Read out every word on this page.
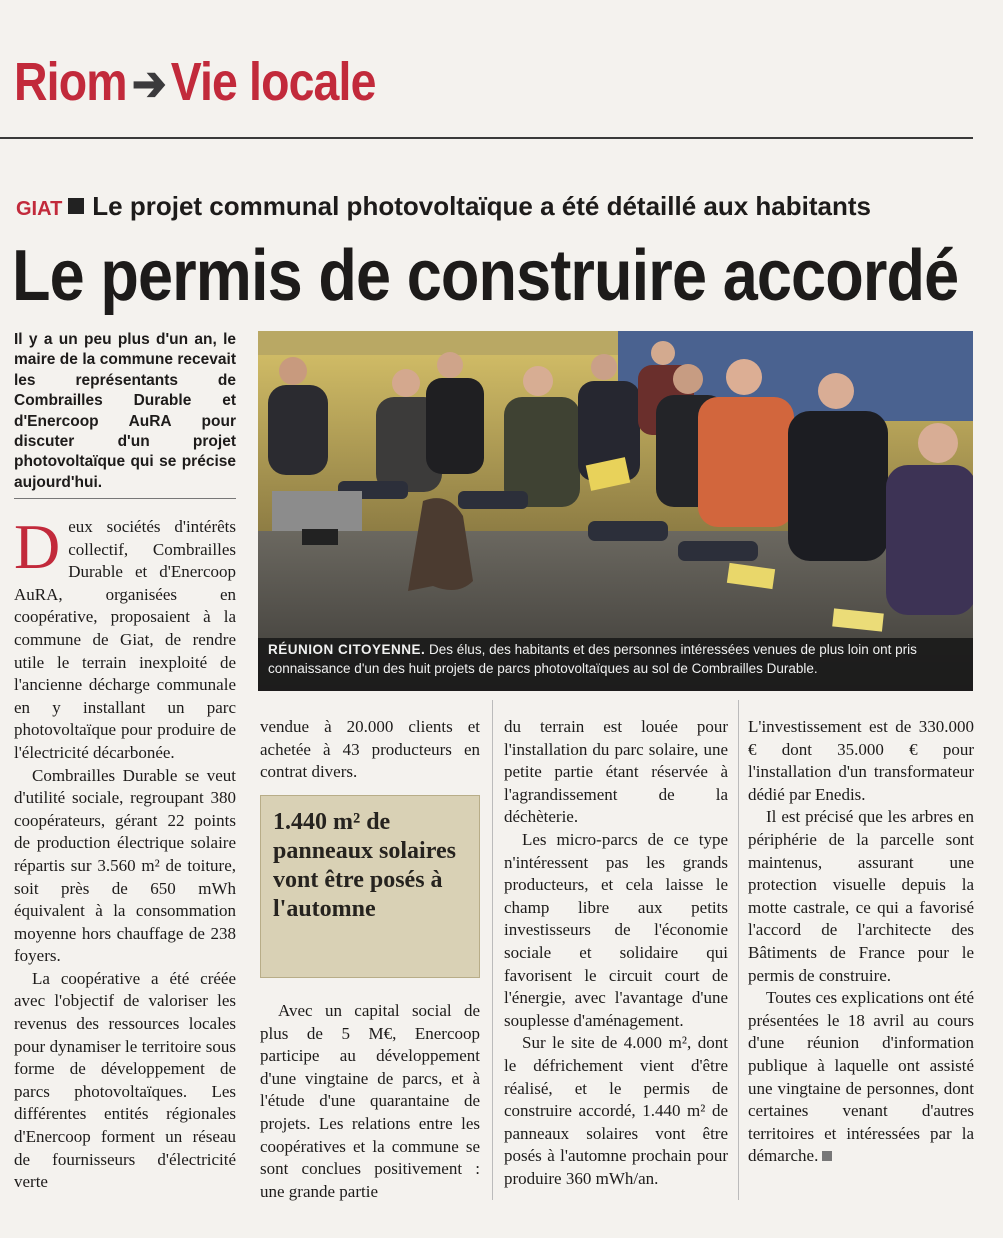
Riom ➔Vie locale
GIAT Le projet communal photovoltaïque a été détaillé aux habitants
Le permis de construire accordé
Il y a un peu plus d'un an, le maire de la commune recevait les représentants de Combrailles Durable et d'Enercoop AuRA pour discuter d'un projet photovoltaïque qui se précise aujourd'hui.

Deux sociétés d'intérêts collectif, Combrailles Durable et d'Enercoop AuRA, organisées en coopérative, proposaient à la commune de Giat, de rendre utile le terrain inexploité de l'ancienne décharge communale en y installant un parc photovoltaïque pour produire de l'électricité décarbonée.

Combrailles Durable se veut d'utilité sociale, regroupant 380 coopérateurs, gérant 22 points de production électrique solaire répartis sur 3.560 m² de toiture, soit près de 650 mWh équivalent à la consommation moyenne hors chauffage de 238 foyers.

La coopérative a été créée avec l'objectif de valoriser les revenus des ressources locales pour dynamiser le territoire sous forme de développement de parcs photovoltaïques. Les différentes entités régionales d'Enercoop forment un réseau de fournisseurs d'électricité verte

RÉUNION CITOYENNE. Des élus, des habitants et des personnes intéressées venues de plus loin ont pris connaissance d'un des huit projets de parcs photovoltaïques au sol de Combrailles Durable.

vendue à 20.000 clients et achetée à 43 producteurs en contrat divers.

1.440 m² de panneaux solaires vont être posés à l'automne

Avec un capital social de plus de 5 M€, Enercoop participe au développement d'une vingtaine de parcs, et à l'étude d'une quarantaine de projets. Les relations entre les coopératives et la commune se sont conclues positivement : une grande partie

du terrain est louée pour l'installation du parc solaire, une petite partie étant réservée à l'agrandissement de la déchèterie.

Les micro-parcs de ce type n'intéressent pas les grands producteurs, et cela laisse le champ libre aux petits investisseurs de l'économie sociale et solidaire qui favorisent le circuit court de l'énergie, avec l'avantage d'une souplesse d'aménagement.

Sur le site de 4.000 m², dont le défrichement vient d'être réalisé, et le permis de construire accordé, 1.440 m² de panneaux solaires vont être posés à l'automne prochain pour produire 360 mWh/an.

L'investissement est de 330.000 € dont 35.000 € pour l'installation d'un transformateur dédié par Enedis.

Il est précisé que les arbres en périphérie de la parcelle sont maintenus, assurant une protection visuelle depuis la motte castrale, ce qui a favorisé l'accord de l'architecte des Bâtiments de France pour le permis de construire.

Toutes ces explications ont été présentées le 18 avril au cours d'une réunion d'information publique à laquelle ont assisté une vingtaine de personnes, dont certaines venant d'autres territoires et intéressées par la démarche.
